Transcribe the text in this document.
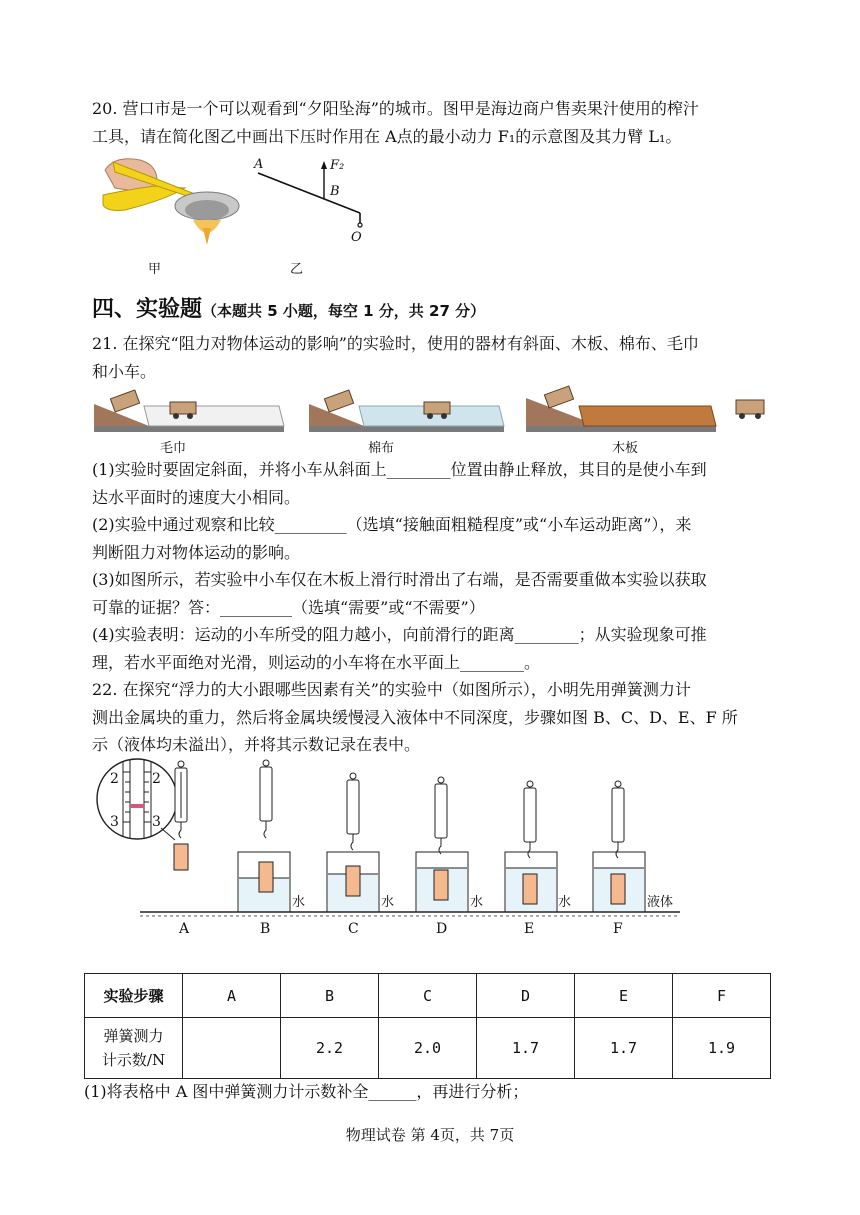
20. 营口市是一个可以观看到“夕阳坠海”的城市。图甲是海边商户售卖果汁使用的榨汁
工具，请在简化图乙中画出下压时作用在 A点的最小动力 F₁的示意图及其力臂 L₁。
甲
A
B
F₂
O
乙
四、实验题（本题共 5 小题，每空 1 分，共 27 分）
21. 在探究“阻力对物体运动的影响”的实验时，使用的器材有斜面、木板、棉布、毛巾
和小车。
毛巾	棉布	木板
(1)实验时要固定斜面，并将小车从斜面上________位置由静止释放，其目的是使小车到
达水平面时的速度大小相同。
(2)实验中通过观察和比较_________（选填“接触面粗糙程度”或“小车运动距离”），来
判断阻力对物体运动的影响。
(3)如图所示，若实验中小车仅在木板上滑行时滑出了右端，是否需要重做本实验以获取
可靠的证据？答：_________（选填“需要”或“不需要”）
(4)实验表明：运动的小车所受的阻力越小，向前滑行的距离________；从实验现象可推
理，若水平面绝对光滑，则运动的小车将在水平面上________。
22. 在探究“浮力的大小跟哪些因素有关”的实验中（如图所示），小明先用弹簧测力计
测出金属块的重力，然后将金属块缓慢浸入液体中不同深度，步骤如图 B、C、D、E、F 所
示（液体均未溢出），并将其示数记录在表中。
2 2
3 3
水	水	水	水	液体
A	B	C	D	E	F
实验步骤	A	B	C	D	E	F
弹簧测力
计示数/N		2.2	2.0	1.7	1.7	1.9
(1)将表格中 A 图中弹簧测力计示数补全______，再进行分析；
物理试卷 第 4页，共 7页
